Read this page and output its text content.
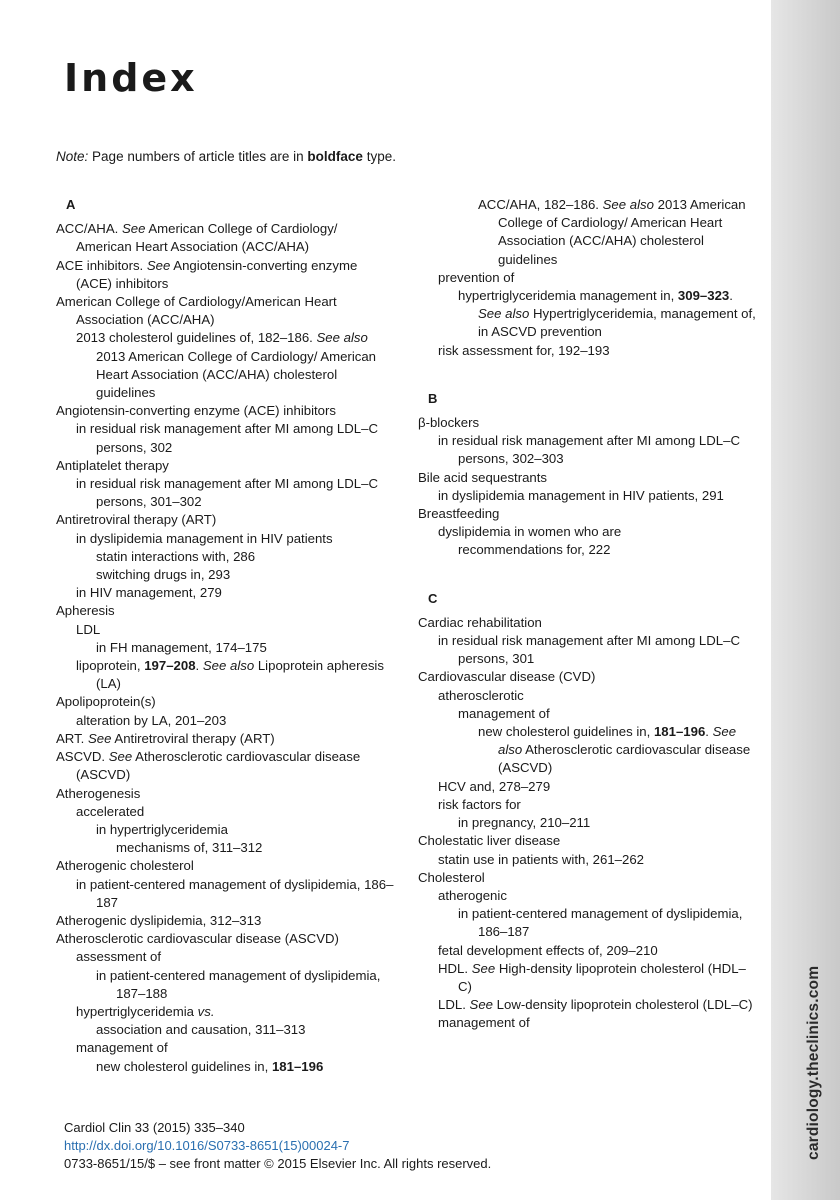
cardiology.theclinics.com
Index
Note: Page numbers of article titles are in boldface type.
A
ACC/AHA. See American College of Cardiology/ American Heart Association (ACC/AHA)
ACE inhibitors. See Angiotensin-converting enzyme (ACE) inhibitors
American College of Cardiology/American Heart Association (ACC/AHA)
2013 cholesterol guidelines of, 182–186. See also 2013 American College of Cardiology/ American Heart Association (ACC/AHA) cholesterol guidelines
Angiotensin-converting enzyme (ACE) inhibitors
in residual risk management after MI among LDL–C persons, 302
Antiplatelet therapy
in residual risk management after MI among LDL–C persons, 301–302
Antiretroviral therapy (ART)
in dyslipidemia management in HIV patients
statin interactions with, 286
switching drugs in, 293
in HIV management, 279
Apheresis
LDL
in FH management, 174–175
lipoprotein, 197–208. See also Lipoprotein apheresis (LA)
Apolipoprotein(s)
alteration by LA, 201–203
ART. See Antiretroviral therapy (ART)
ASCVD. See Atherosclerotic cardiovascular disease (ASCVD)
Atherogenesis
accelerated
in hypertriglyceridemia
mechanisms of, 311–312
Atherogenic cholesterol
in patient-centered management of dyslipidemia, 186–187
Atherogenic dyslipidemia, 312–313
Atherosclerotic cardiovascular disease (ASCVD)
assessment of
in patient-centered management of dyslipidemia, 187–188
hypertriglyceridemia vs.
association and causation, 311–313
management of
new cholesterol guidelines in, 181–196
ACC/AHA, 182–186. See also 2013 American College of Cardiology/ American Heart Association (ACC/AHA) cholesterol guidelines
prevention of
hypertriglyceridemia management in, 309–323. See also Hypertriglyceridemia, management of, in ASCVD prevention
risk assessment for, 192–193
B
β-blockers
in residual risk management after MI among LDL–C persons, 302–303
Bile acid sequestrants
in dyslipidemia management in HIV patients, 291
Breastfeeding
dyslipidemia in women who are
recommendations for, 222
C
Cardiac rehabilitation
in residual risk management after MI among LDL–C persons, 301
Cardiovascular disease (CVD)
atherosclerotic
management of
new cholesterol guidelines in, 181–196. See also Atherosclerotic cardiovascular disease (ASCVD)
HCV and, 278–279
risk factors for
in pregnancy, 210–211
Cholestatic liver disease
statin use in patients with, 261–262
Cholesterol
atherogenic
in patient-centered management of dyslipidemia, 186–187
fetal development effects of, 209–210
HDL. See High-density lipoprotein cholesterol (HDL–C)
LDL. See Low-density lipoprotein cholesterol (LDL–C)
management of
Cardiol Clin 33 (2015) 335–340
http://dx.doi.org/10.1016/S0733-8651(15)00024-7
0733-8651/15/$ – see front matter © 2015 Elsevier Inc. All rights reserved.
